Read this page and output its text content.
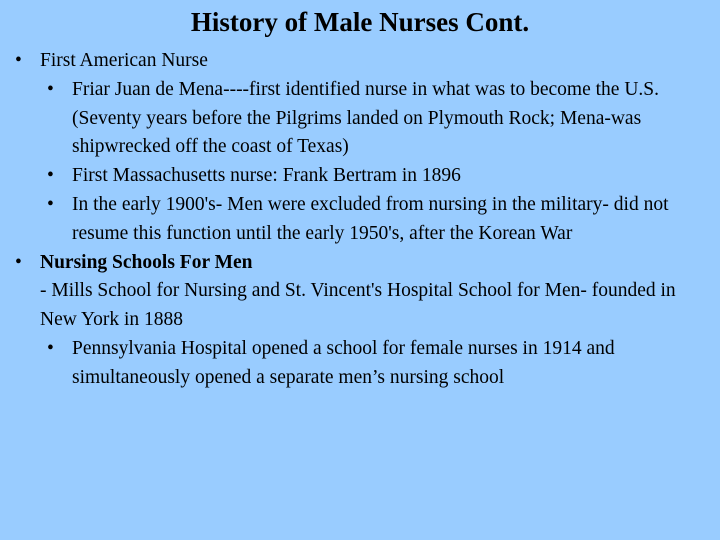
History of Male Nurses Cont.
• First American Nurse
• Friar Juan de Mena----first identified nurse in what was to become the U.S. (Seventy years before the Pilgrims landed on Plymouth Rock; Mena-was shipwrecked off the coast of Texas)
• First Massachusetts nurse: Frank Bertram in 1896
• In the early 1900's- Men were excluded from nursing in the military- did not resume this function until the early 1950's, after the Korean War
• Nursing Schools For Men

- Mills School for Nursing and St. Vincent's Hospital School for Men- founded in New York in 1888

• Pennsylvania Hospital opened a school for female nurses in 1914 and simultaneously opened a separate men’s nursing school
